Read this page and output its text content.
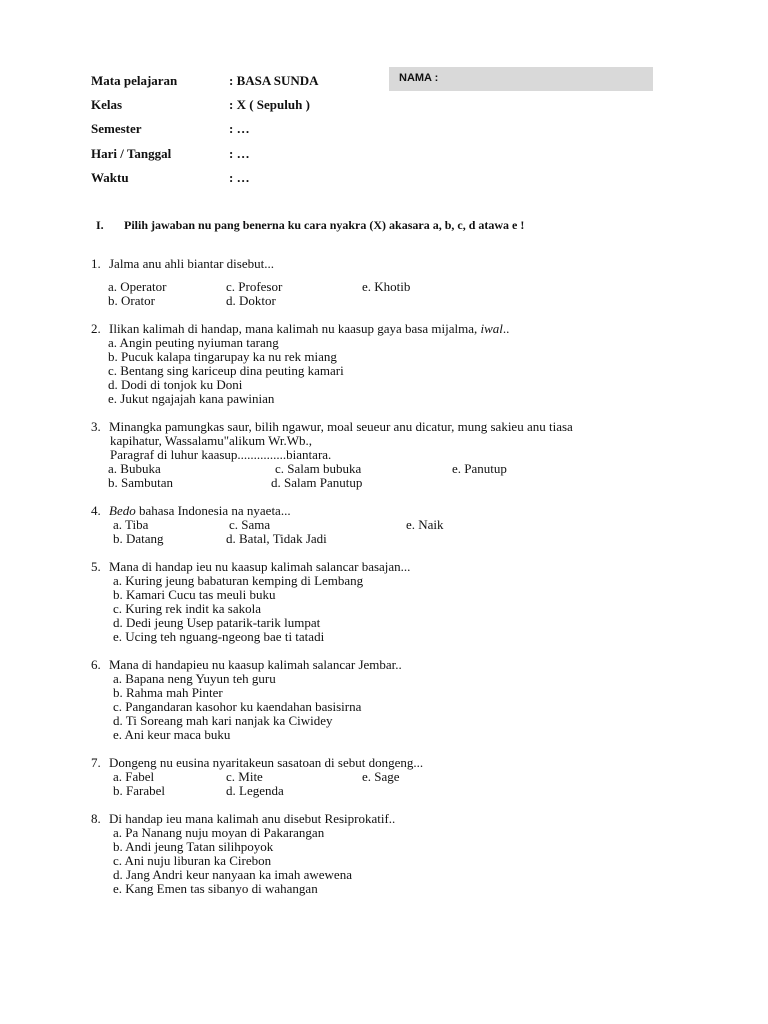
Mata pelajaran	: BASA SUNDA
Kelas	: X ( Sepuluh )
Semester	: …
Hari / Tanggal	: …
Waktu	: …
NAMA :
I. Pilih jawaban nu pang benerna ku cara nyakra (X) akasara a, b, c, d atawa e !
1. Jalma anu ahli biantar disebut...
a. Operator
b. Orator
c. Profesor
d. Doktor
e. Khotib
2. Ilikan kalimah di handap, mana kalimah nu kaasup gaya basa mijalma, iwal..
a. Angin peuting nyiuman tarang
b. Pucuk kalapa tingarupay ka nu rek miang
c. Bentang sing kariceup dina peuting kamari
d. Dodi di tonjok ku Doni
e. Jukut ngajajah kana pawinian
3. Minangka pamungkas saur, bilih ngawur, moal seueur anu dicatur, mung sakieu anu tiasa
kapihatur, Wassalamu"alikum Wr.Wb.,
Paragraf di luhur kaasup...............biantara.
a. Bubuka
b. Sambutan
c. Salam bubuka
d. Salam Panutup
e. Panutup
4. Bedo bahasa Indonesia na nyaeta...
a. Tiba
b. Datang
c. Sama
d. Batal, Tidak Jadi
e. Naik
5. Mana di handap ieu nu kaasup kalimah salancar basajan...
a. Kuring jeung babaturan kemping di Lembang
b. Kamari Cucu tas meuli buku
c. Kuring rek indit ka sakola
d. Dedi jeung Usep patarik-tarik lumpat
e. Ucing teh nguang-ngeong bae ti tatadi
6. Mana di handapieu nu kaasup kalimah salancar Jembar..
a. Bapana neng Yuyun teh guru
b. Rahma mah Pinter
c. Pangandaran kasohor ku kaendahan basisirna
d. Ti Soreang mah kari nanjak ka Ciwidey
e. Ani keur maca buku
7. Dongeng nu eusina nyaritakeun sasatoan di sebut dongeng...
a. Fabel
b. Farabel
c. Mite
d. Legenda
e. Sage
8. Di handap ieu mana kalimah anu disebut Resiprokatif..
a. Pa Nanang nuju moyan di Pakarangan
b. Andi jeung Tatan silihpoyok
c. Ani nuju liburan ka Cirebon
d. Jang Andri keur nanyaan ka imah awewena
e. Kang Emen tas sibanyo di wahangan
